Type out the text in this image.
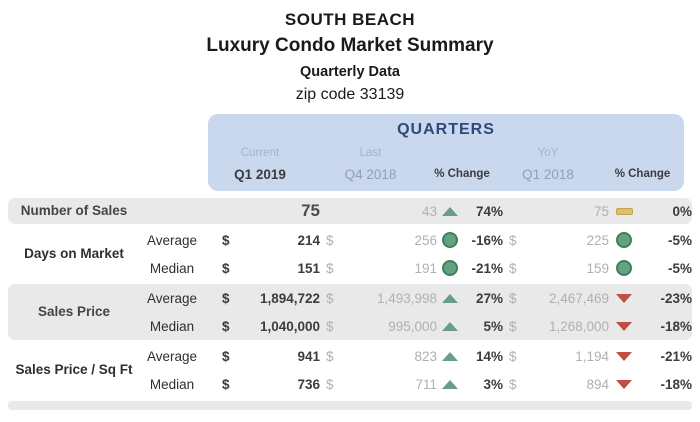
SOUTH BEACH
Luxury Condo Market Summary
Quarterly Data
zip code 33139
QUARTERS
Current	Last	YoY
Q1 2019	Q4 2018	% Change	Q1 2018	% Change
Number of Sales	75	43	74%	75	0%
Days on Market
Average	$	214 $	256	-16% $	225	-5%
Median	$	151 $	191	-21% $	159	-5%
Sales Price
Average	$	1,894,722 $	1,493,998	27% $	2,467,469	-23%
Median	$	1,040,000 $	995,000	5% $	1,268,000	-18%
Sales Price / Sq Ft
Average	$	941 $	823	14% $	1,194	-21%
Median	$	736 $	711	3% $	894	-18%
